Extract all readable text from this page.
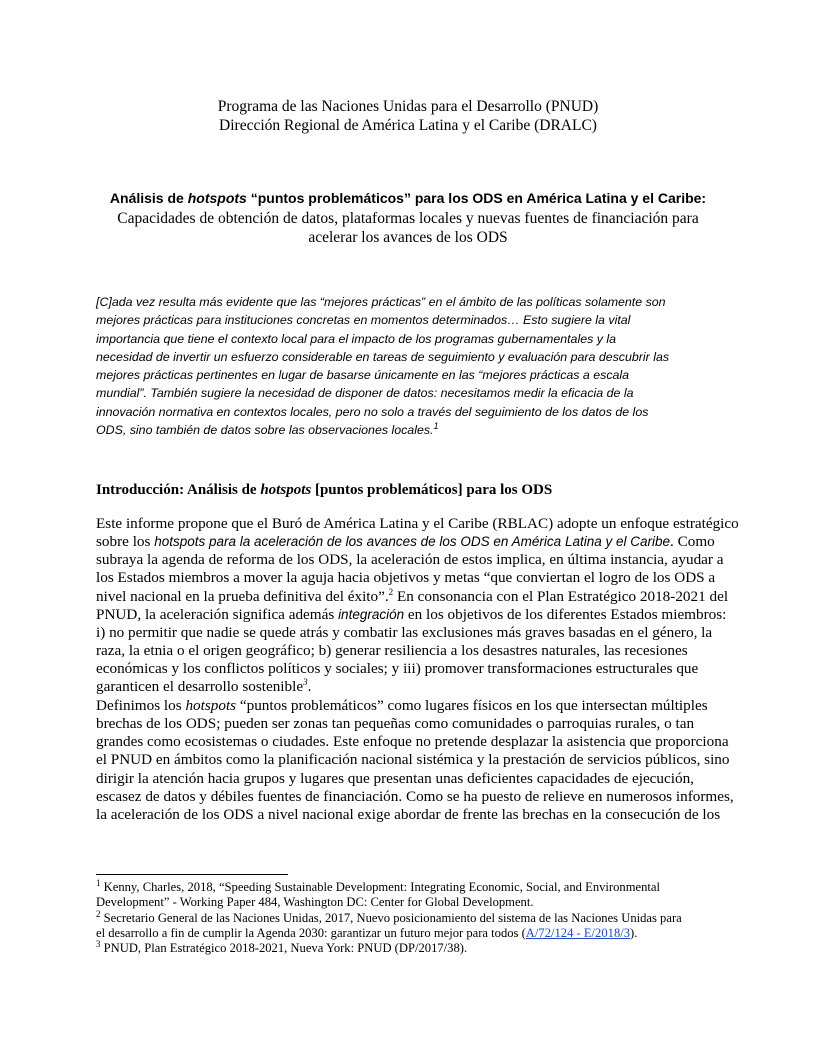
Programa de las Naciones Unidas para el Desarrollo (PNUD)
Dirección Regional de América Latina y el Caribe (DRALC)
Análisis de hotspots “puntos problemáticos” para los ODS en América Latina y el Caribe:
Capacidades de obtención de datos, plataformas locales y nuevas fuentes de financiación para
acelerar los avances de los ODS
[C]ada vez resulta más evidente que las “mejores prácticas” en el ámbito de las políticas solamente son
mejores prácticas para instituciones concretas en momentos determinados… Esto sugiere la vital
importancia que tiene el contexto local para el impacto de los programas gubernamentales y la
necesidad de invertir un esfuerzo considerable en tareas de seguimiento y evaluación para descubrir las
mejores prácticas pertinentes en lugar de basarse únicamente en las “mejores prácticas a escala
mundial”. También sugiere la necesidad de disponer de datos: necesitamos medir la eficacia de la
innovación normativa en contextos locales, pero no solo a través del seguimiento de los datos de los
ODS, sino también de datos sobre las observaciones locales.$^1$
Introducción: Análisis de hotspots [puntos problemáticos] para los ODS
Este informe propone que el Buró de América Latina y el Caribe (RBLAC) adopte un enfoque estratégico
sobre los hotspots para la aceleración de los avances de los ODS en América Latina y el Caribe. Como
subraya la agenda de reforma de los ODS, la aceleración de estos implica, en última instancia, ayudar a
los Estados miembros a mover la aguja hacia objetivos y metas “que conviertan el logro de los ODS a
nivel nacional en la prueba definitiva del éxito”.$^2$ En consonancia con el Plan Estratégico 2018-2021 del
PNUD, la aceleración significa además integración en los objetivos de los diferentes Estados miembros:
i) no permitir que nadie se quede atrás y combatir las exclusiones más graves basadas en el género, la
raza, la etnia o el origen geográfico; b) generar resiliencia a los desastres naturales, las recesiones
económicas y los conflictos políticos y sociales; y iii) promover transformaciones estructurales que
garanticen el desarrollo sostenible$^3$.
Definimos los hotspots “puntos problemáticos” como lugares físicos en los que intersectan múltiples
brechas de los ODS; pueden ser zonas tan pequeñas como comunidades o parroquias rurales, o tan
grandes como ecosistemas o ciudades. Este enfoque no pretende desplazar la asistencia que proporciona
el PNUD en ámbitos como la planificación nacional sistémica y la prestación de servicios públicos, sino
dirigir la atención hacia grupos y lugares que presentan unas deficientes capacidades de ejecución,
escasez de datos y débiles fuentes de financiación. Como se ha puesto de relieve en numerosos informes,
la aceleración de los ODS a nivel nacional exige abordar de frente las brechas en la consecución de los
$^1$ Kenny, Charles, 2018, “Speeding Sustainable Development: Integrating Economic, Social, and Environmental
Development” - Working Paper 484, Washington DC: Center for Global Development.
$^2$ Secretario General de las Naciones Unidas, 2017, Nuevo posicionamiento del sistema de las Naciones Unidas para
el desarrollo a fin de cumplir la Agenda 2030: garantizar un futuro mejor para todos (A/72/124 - E/2018/3).
$^3$ PNUD, Plan Estratégico 2018-2021, Nueva York: PNUD (DP/2017/38).
